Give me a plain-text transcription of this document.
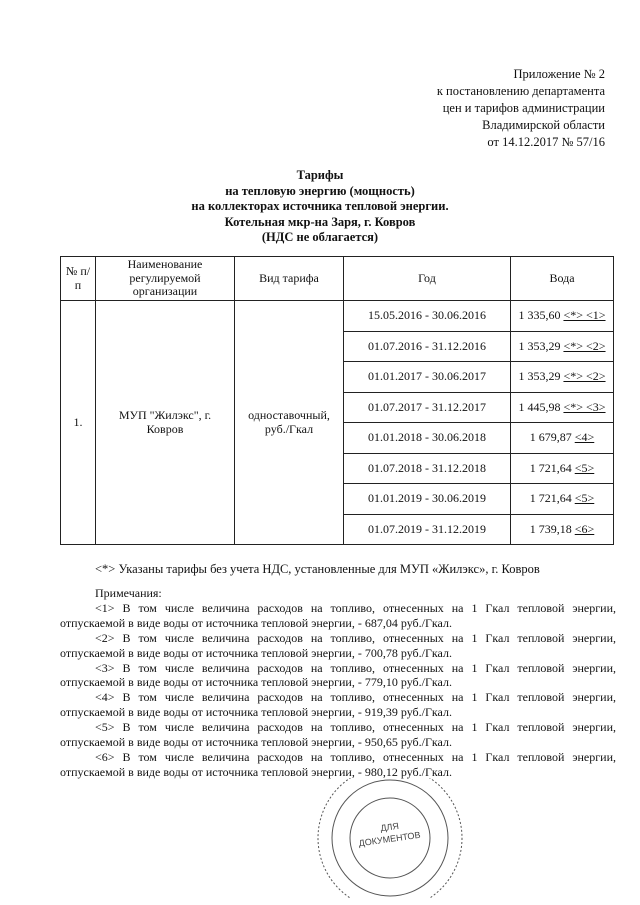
Приложение № 2
к постановлению департамента
цен и тарифов администрации
Владимирской области
от 14.12.2017 № 57/16
Тарифы
на тепловую энергию (мощность)
на коллекторах источника тепловой энергии.
Котельная мкр-на Заря, г. Ковров
(НДС не облагается)
№ п/п	Наименование регулируемой организации	Вид тарифа	Год	Вода
1.	МУП "Жилэкс", г. Ковров	одноставочный, руб./Гкал	15.05.2016 - 30.06.2016	1 335,60 <*> <1>
			01.07.2016 - 31.12.2016	1 353,29 <*> <2>
			01.01.2017 - 30.06.2017	1 353,29 <*> <2>
			01.07.2017 - 31.12.2017	1 445,98 <*> <3>
			01.01.2018 - 30.06.2018	1 679,87 <4>
			01.07.2018 - 31.12.2018	1 721,64 <5>
			01.01.2019 - 30.06.2019	1 721,64 <5>
			01.07.2019 - 31.12.2019	1 739,18 <6>
<*> Указаны тарифы без учета НДС, установленные для МУП «Жилэкс», г. Ковров

Примечания:

<1> В том числе величина расходов на топливо, отнесенных на 1 Гкал тепловой энергии, отпускаемой в виде воды от источника тепловой энергии, - 687,04 руб./Гкал.

<2> В том числе величина расходов на топливо, отнесенных на 1 Гкал тепловой энергии, отпускаемой в виде воды от источника тепловой энергии, - 700,78 руб./Гкал.

<3> В том числе величина расходов на топливо, отнесенных на 1 Гкал тепловой энергии, отпускаемой в виде воды от источника тепловой энергии, - 779,10 руб./Гкал.

<4> В том числе величина расходов на топливо, отнесенных на 1 Гкал тепловой энергии, отпускаемой в виде воды от источника тепловой энергии, - 919,39 руб./Гкал.

<5> В том числе величина расходов на топливо, отнесенных на 1 Гкал тепловой энергии, отпускаемой в виде воды от источника тепловой энергии, - 950,65 руб./Гкал.

<6> В том числе величина расходов на топливо, отнесенных на 1 Гкал тепловой энергии, отпускаемой в виде воды от источника тепловой энергии, - 980,12 руб./Гкал.

ДЛЯ
ДОКУМЕНТОВ
